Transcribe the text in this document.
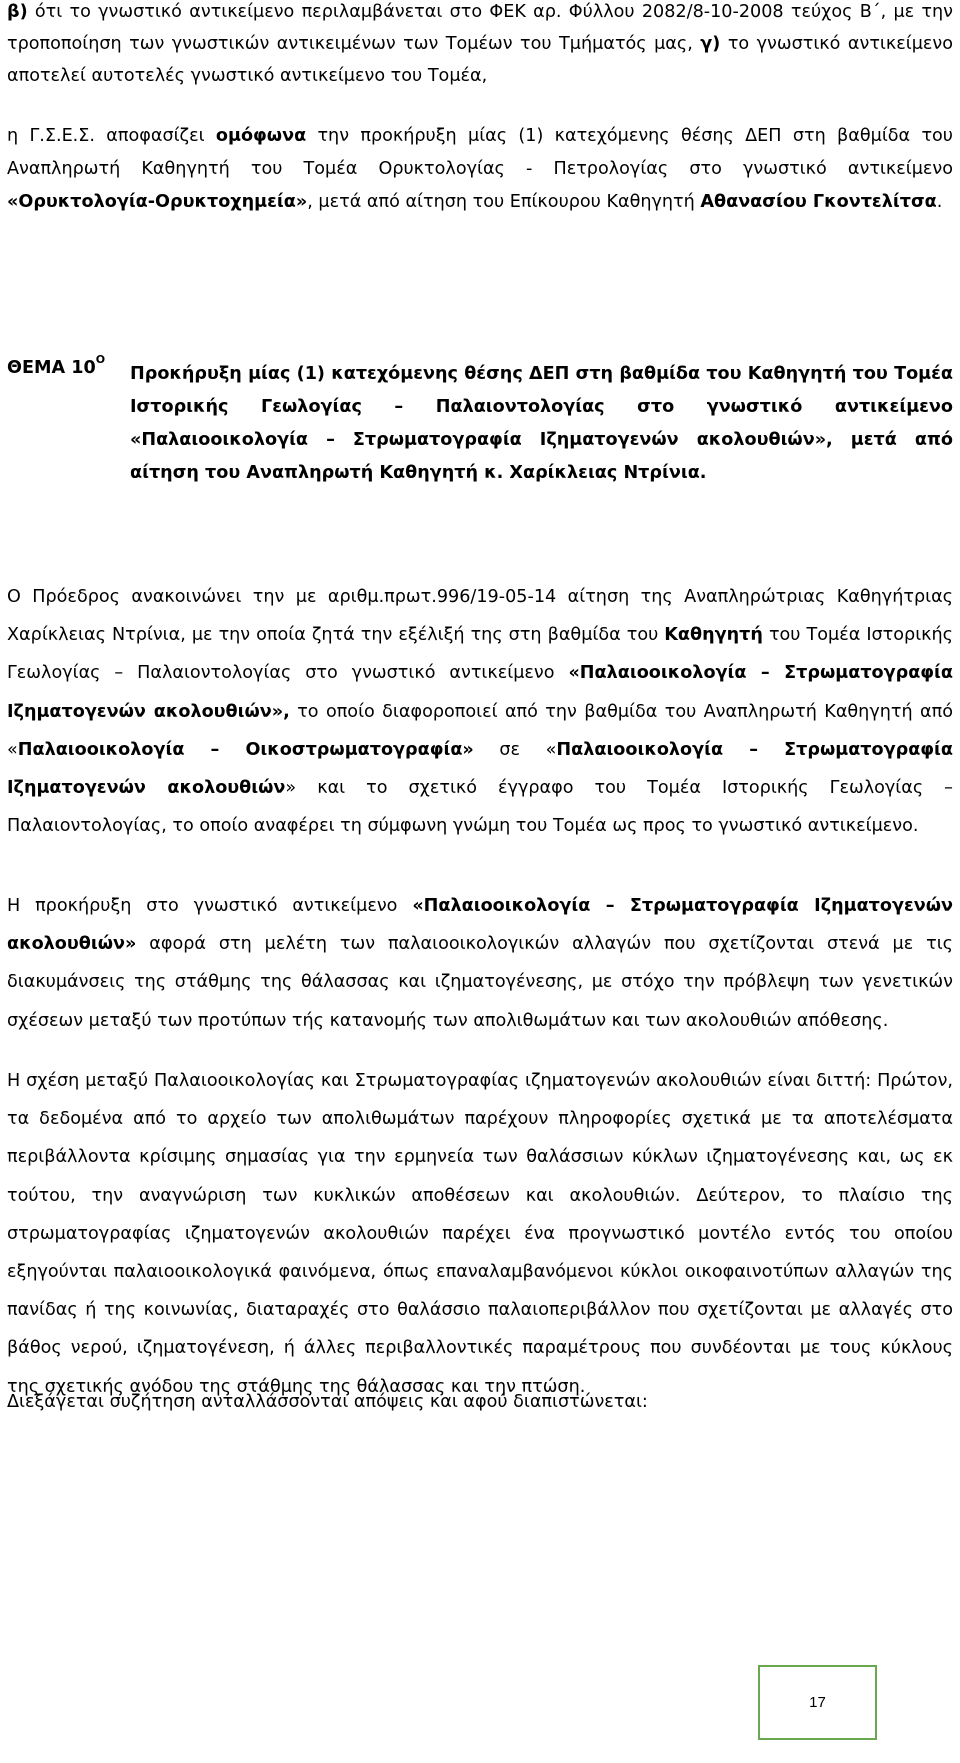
β) ότι το γνωστικό αντικείμενο περιλαμβάνεται στο ΦΕΚ αρ. Φύλλου 2082/8-10-2008 τεύχος Β΄, με την τροποποίηση των γνωστικών αντικειμένων των Τομέων του Τμήματός μας, γ) το γνωστικό αντικείμενο αποτελεί αυτοτελές γνωστικό αντικείμενο του Τομέα,

η Γ.Σ.Ε.Σ. αποφασίζει ομόφωνα την προκήρυξη μίας (1) κατεχόμενης θέσης ΔΕΠ στη βαθμίδα του Αναπληρωτή Καθηγητή του Τομέα Ορυκτολογίας - Πετρολογίας στο γνωστικό αντικείμενο «Ορυκτολογία-Ορυκτοχημεία», μετά από αίτηση του Επίκουρου Καθηγητή Αθανασίου Γκοντελίτσα.

ΘΕΜΑ $10^O$

Προκήρυξη μίας (1) κατεχόμενης θέσης ΔΕΠ στη βαθμίδα του Καθηγητή του Τομέα Ιστορικής Γεωλογίας – Παλαιοντολογίας στο γνωστικό αντικείμενο «Παλαιοοικολογία – Στρωματογραφία Ιζηματογενών ακολουθιών», μετά από αίτηση του Αναπληρωτή Καθηγητή κ. Χαρίκλειας Ντρίνια.

Ο Πρόεδρος ανακοινώνει την με αριθμ.πρωτ.996/19-05-14 αίτηση της Αναπληρώτριας Καθηγήτριας Χαρίκλειας Ντρίνια, με την οποία ζητά την εξέλιξή της στη βαθμίδα του Καθηγητή του Τομέα Ιστορικής Γεωλογίας – Παλαιοντολογίας στο γνωστικό αντικείμενο «Παλαιοοικολογία – Στρωματογραφία Ιζηματογενών ακολουθιών», το οποίο διαφοροποιεί από την βαθμίδα του Αναπληρωτή Καθηγητή από «Παλαιοοικολογία – Οικοστρωματογραφία» σε «Παλαιοοικολογία – Στρωματογραφία Ιζηματογενών ακολουθιών» και το σχετικό έγγραφο του Τομέα Ιστορικής Γεωλογίας – Παλαιοντολογίας, το οποίο αναφέρει τη σύμφωνη γνώμη του Τομέα ως προς το γνωστικό αντικείμενο.

Η προκήρυξη στο γνωστικό αντικείμενο «Παλαιοοικολογία – Στρωματογραφία Ιζηματογενών ακολουθιών» αφορά στη μελέτη των παλαιοοικολογικών αλλαγών που σχετίζονται στενά με τις διακυμάνσεις της στάθμης της θάλασσας και ιζηματογένεσης, με στόχο την πρόβλεψη των γενετικών σχέσεων μεταξύ των προτύπων τής κατανομής των απολιθωμάτων και των ακολουθιών απόθεσης.

Η σχέση μεταξύ Παλαιοοικολογίας και Στρωματογραφίας ιζηματογενών ακολουθιών είναι διττή: Πρώτον, τα δεδομένα από το αρχείο των απολιθωμάτων παρέχουν πληροφορίες σχετικά με τα αποτελέσματα περιβάλλοντα κρίσιμης σημασίας για την ερμηνεία των θαλάσσιων κύκλων ιζηματογένεσης και, ως εκ τούτου, την αναγνώριση των κυκλικών αποθέσεων και ακολουθιών. Δεύτερον, το πλαίσιο της στρωματογραφίας ιζηματογενών ακολουθιών παρέχει ένα προγνωστικό μοντέλο εντός του οποίου εξηγούνται παλαιοοικολογικά φαινόμενα, όπως επαναλαμβανόμενοι κύκλοι οικοφαινοτύπων αλλαγών της πανίδας ή της κοινωνίας, διαταραχές στο θαλάσσιο παλαιοπεριβάλλον που σχετίζονται με αλλαγές στο βάθος νερού, ιζηματογένεση, ή άλλες περιβαλλοντικές παραμέτρους που συνδέονται με τους κύκλους της σχετικής ανόδου της στάθμης της θάλασσας και την πτώση.

Διεξάγεται συζήτηση ανταλλάσσονται απόψεις και αφού διαπιστώνεται:

17
